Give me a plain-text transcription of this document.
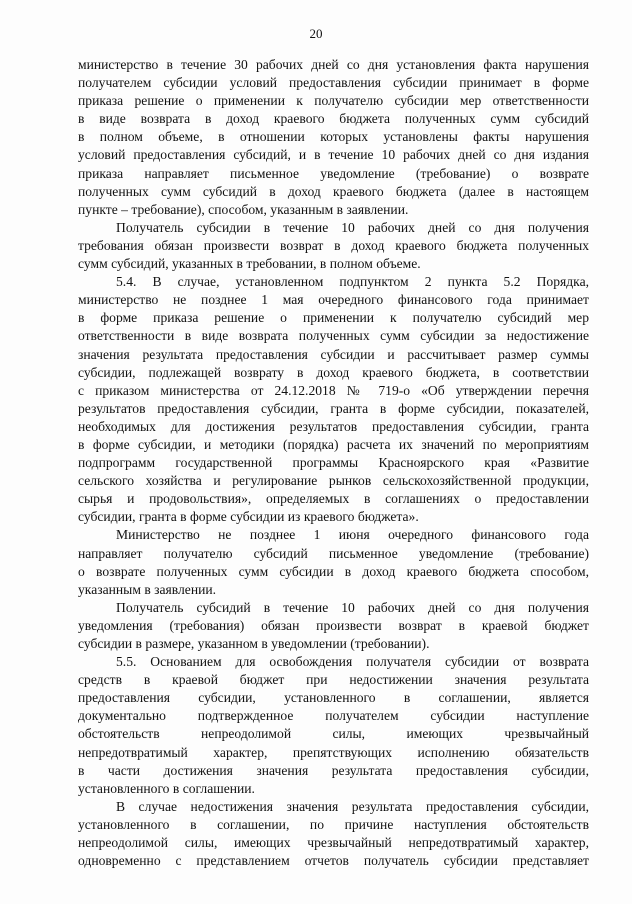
20
министерство в течение 30 рабочих дней со дня установления факта нарушения
получателем субсидии условий предоставления субсидии принимает в форме
приказа решение о применении к получателю субсидии мер ответственности
в виде возврата в доход краевого бюджета полученных сумм субсидий
в полном объеме, в отношении которых установлены факты нарушения
условий предоставления субсидий, и в течение 10 рабочих дней со дня издания
приказа направляет письменное уведомление (требование) о возврате
полученных сумм субсидий в доход краевого бюджета (далее в настоящем
пункте – требование), способом, указанным в заявлении.
Получатель субсидии в течение 10 рабочих дней со дня получения
требования обязан произвести возврат в доход краевого бюджета полученных
сумм субсидий, указанных в требовании, в полном объеме.
5.4. В случае, установленном подпунктом 2 пункта 5.2 Порядка,
министерство не позднее 1 мая очередного финансового года принимает
в форме приказа решение о применении к получателю субсидий мер
ответственности в виде возврата полученных сумм субсидии за недостижение
значения результата предоставления субсидии и рассчитывает размер суммы
субсидии, подлежащей возврату в доход краевого бюджета, в соответствии
с приказом министерства от 24.12.2018 № 719-о «Об утверждении перечня
результатов предоставления субсидии, гранта в форме субсидии, показателей,
необходимых для достижения результатов предоставления субсидии, гранта
в форме субсидии, и методики (порядка) расчета их значений по мероприятиям
подпрограмм государственной программы Красноярского края «Развитие
сельского хозяйства и регулирование рынков сельскохозяйственной продукции,
сырья и продовольствия», определяемых в соглашениях о предоставлении
субсидии, гранта в форме субсидии из краевого бюджета».
Министерство не позднее 1 июня очередного финансового года
направляет получателю субсидий письменное уведомление (требование)
о возврате полученных сумм субсидии в доход краевого бюджета способом,
указанным в заявлении.
Получатель субсидий в течение 10 рабочих дней со дня получения
уведомления (требования) обязан произвести возврат в краевой бюджет
субсидии в размере, указанном в уведомлении (требовании).
5.5. Основанием для освобождения получателя субсидии от возврата
средств в краевой бюджет при недостижении значения результата
предоставления субсидии, установленного в соглашении, является
документально подтвержденное получателем субсидии наступление
обстоятельств непреодолимой силы, имеющих чрезвычайный
непредотвратимый характер, препятствующих исполнению обязательств
в части достижения значения результата предоставления субсидии,
установленного в соглашении.
В случае недостижения значения результата предоставления субсидии,
установленного в соглашении, по причине наступления обстоятельств
непреодолимой силы, имеющих чрезвычайный непредотвратимый характер,
одновременно с представлением отчетов получатель субсидии представляет
